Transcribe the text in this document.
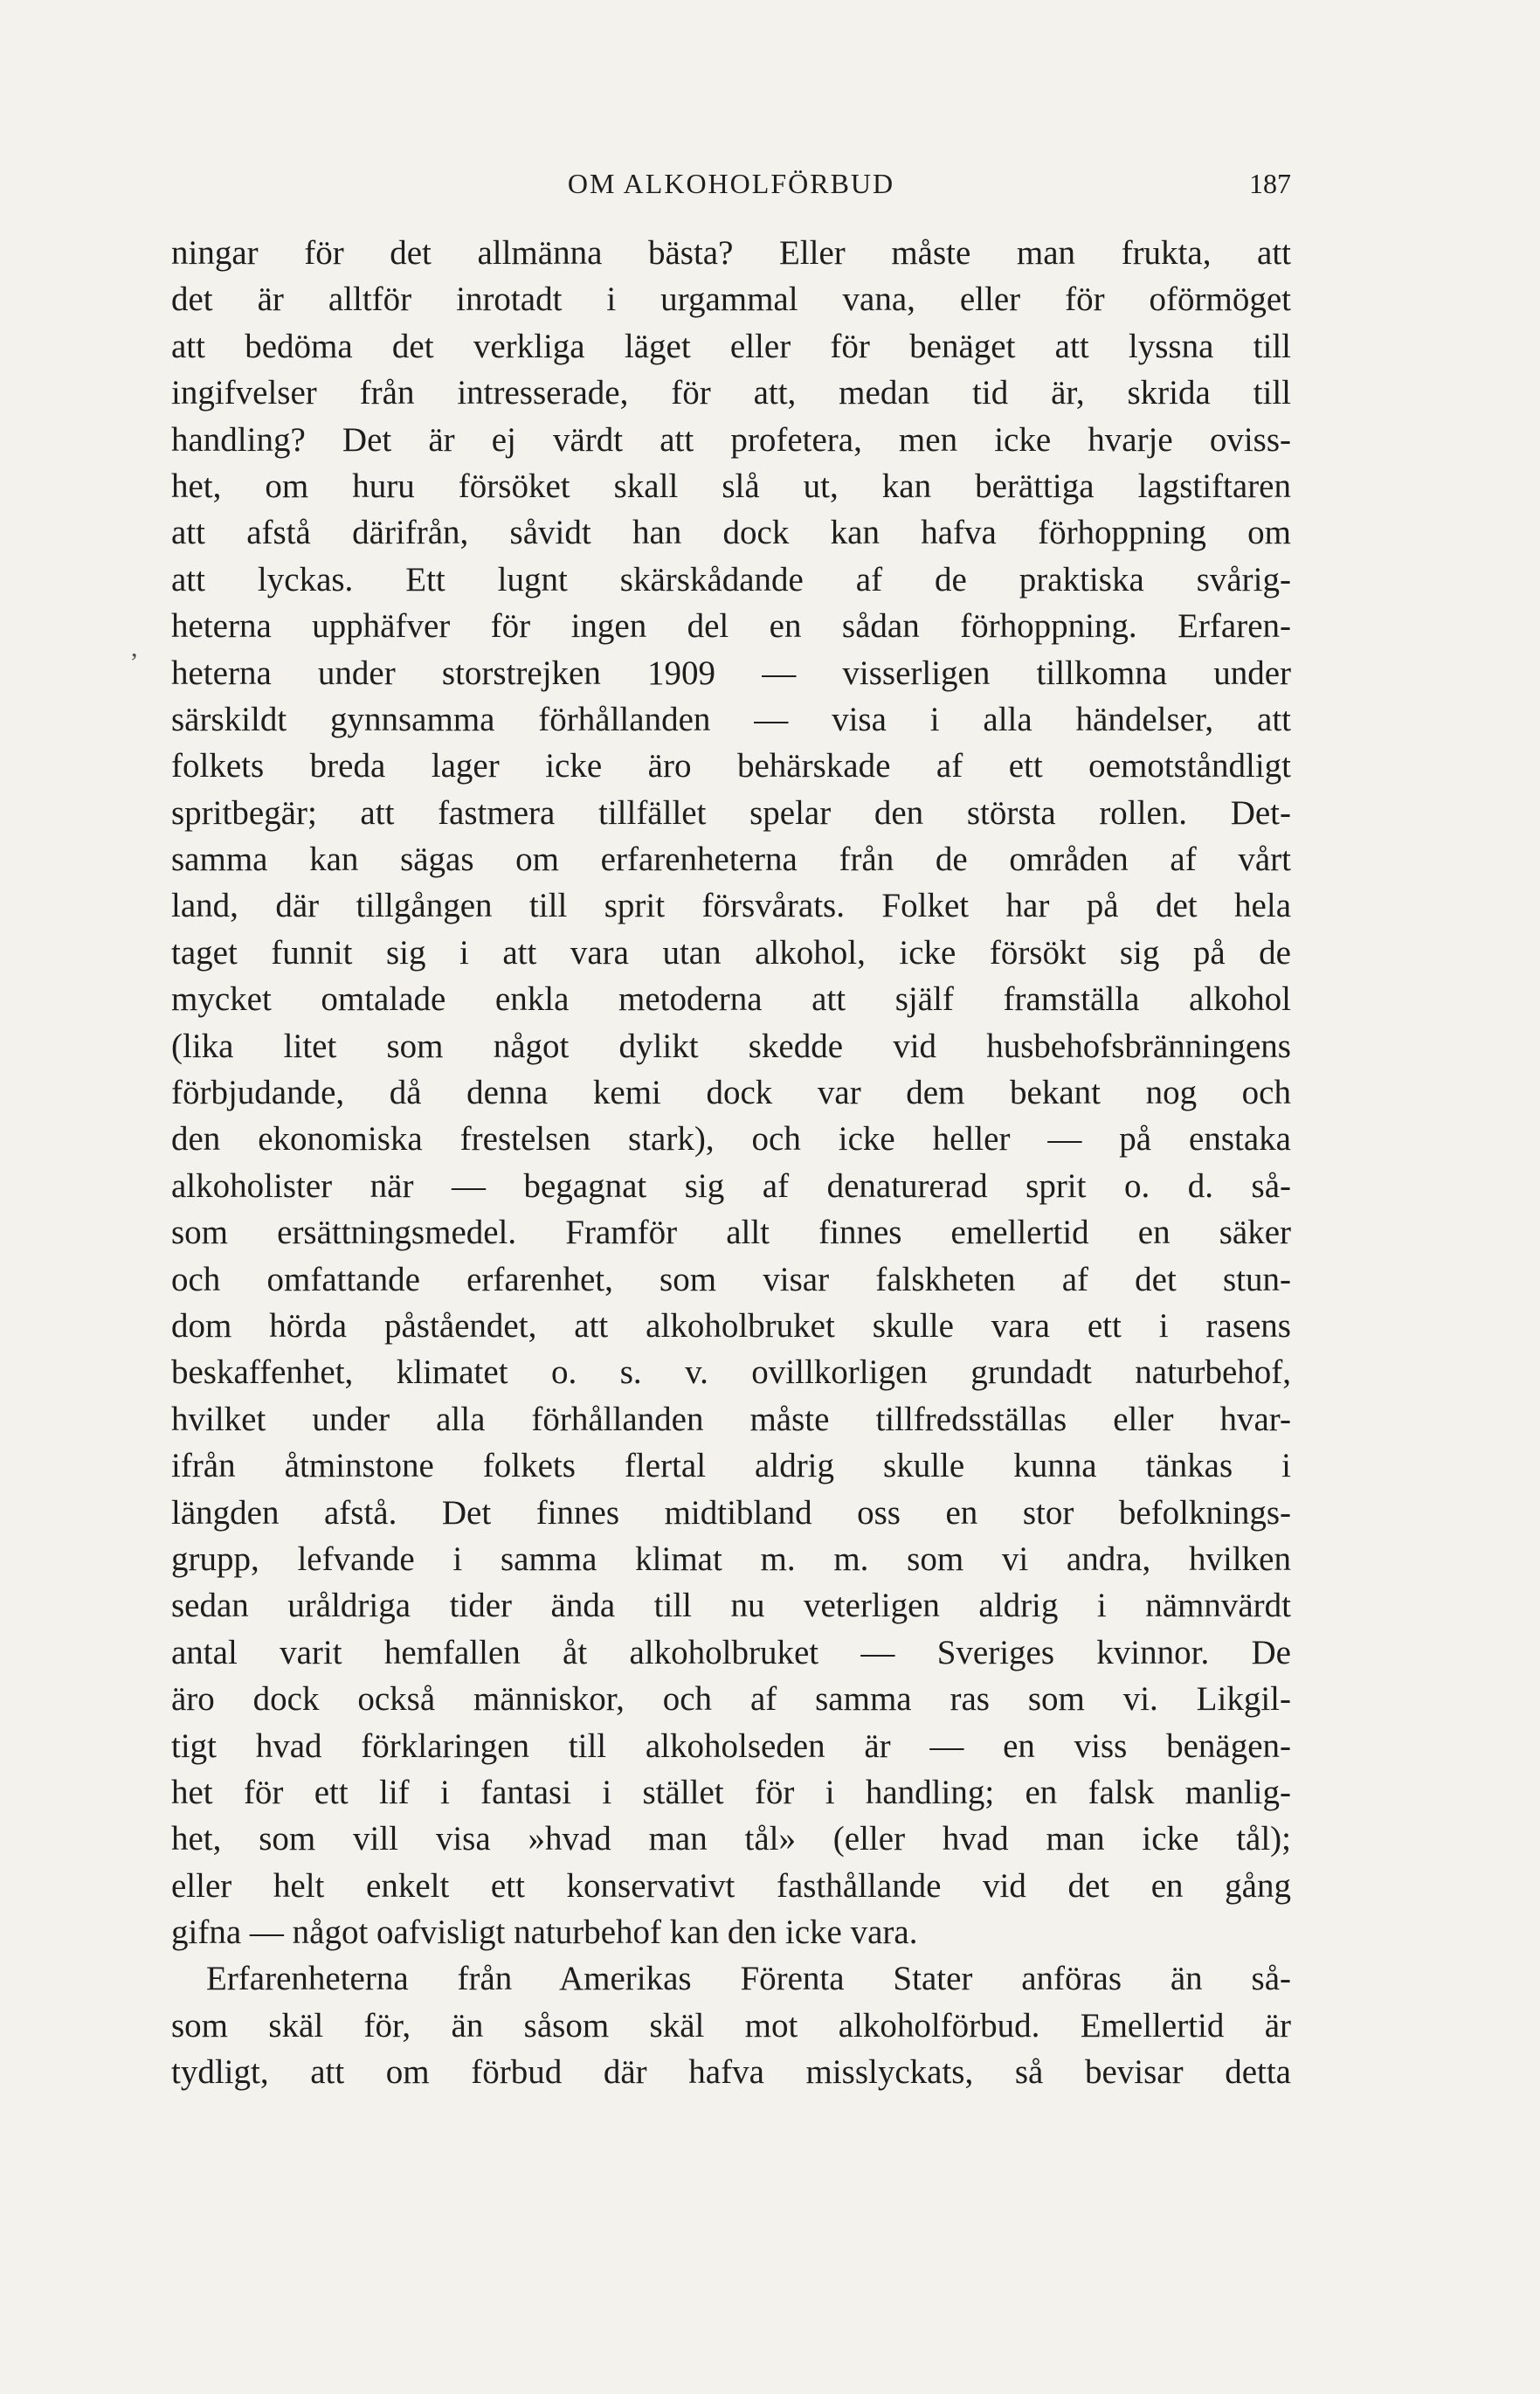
OM ALKOHOLFÖRBUD	187
,
ningar för det allmänna bästa? Eller måste man frukta, att
det är alltför inrotadt i urgammal vana, eller för oförmöget
att bedöma det verkliga läget eller för benäget att lyssna till
ingifvelser från intresserade, för att, medan tid är, skrida till
handling? Det är ej värdt att profetera, men icke hvarje oviss-
het, om huru försöket skall slå ut, kan berättiga lagstiftaren
att afstå därifrån, såvidt han dock kan hafva förhoppning om
att lyckas. Ett lugnt skärskådande af de praktiska svårig-
heterna upphäfver för ingen del en sådan förhoppning. Erfaren-
heterna under storstrejken 1909 — visserligen tillkomna under
särskildt gynnsamma förhållanden — visa i alla händelser, att
folkets breda lager icke äro behärskade af ett oemotståndligt
spritbegär; att fastmera tillfället spelar den största rollen. Det-
samma kan sägas om erfarenheterna från de områden af vårt
land, där tillgången till sprit försvårats. Folket har på det hela
taget funnit sig i att vara utan alkohol, icke försökt sig på de
mycket omtalade enkla metoderna att själf framställa alkohol
(lika litet som något dylikt skedde vid husbehofsbränningens
förbjudande, då denna kemi dock var dem bekant nog och
den ekonomiska frestelsen stark), och icke heller — på enstaka
alkoholister när — begagnat sig af denaturerad sprit o. d. så-
som ersättningsmedel. Framför allt finnes emellertid en säker
och omfattande erfarenhet, som visar falskheten af det stun-
dom hörda påståendet, att alkoholbruket skulle vara ett i rasens
beskaffenhet, klimatet o. s. v. ovillkorligen grundadt naturbehof,
hvilket under alla förhållanden måste tillfredsställas eller hvar-
ifrån åtminstone folkets flertal aldrig skulle kunna tänkas i
längden afstå. Det finnes midtibland oss en stor befolknings-
grupp, lefvande i samma klimat m. m. som vi andra, hvilken
sedan uråldriga tider ända till nu veterligen aldrig i nämnvärdt
antal varit hemfallen åt alkoholbruket — Sveriges kvinnor. De
äro dock också människor, och af samma ras som vi. Likgil-
tigt hvad förklaringen till alkoholseden är — en viss benägen-
het för ett lif i fantasi i stället för i handling; en falsk manlig-
het, som vill visa »hvad man tål» (eller hvad man icke tål);
eller helt enkelt ett konservativt fasthållande vid det en gång
gifna — något oafvisligt naturbehof kan den icke vara.
Erfarenheterna från Amerikas Förenta Stater anföras än så-
som skäl för, än såsom skäl mot alkoholförbud. Emellertid är
tydligt, att om förbud där hafva misslyckats, så bevisar detta
